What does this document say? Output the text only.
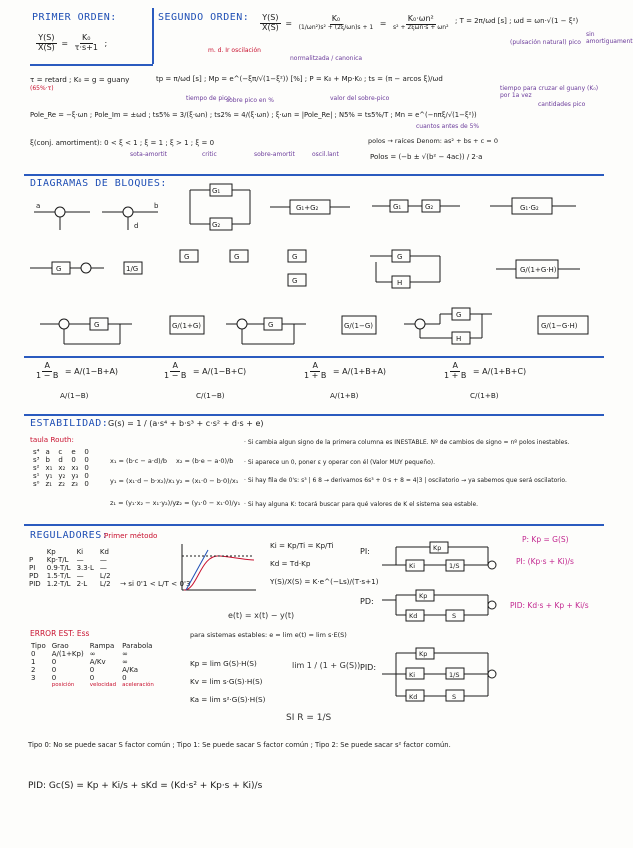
PRIMER ORDEN:
$\frac{Y(S)}{X(S)} = \frac{\text{K₀}}{\tau\cdot s+1}$ ;
SEGUNDO ORDEN: $\frac{Y(S)}{X(S)} = \frac{\text{K₀}}{\text{(1/ωn²)s² + (2ξ/ωn)s + 1}} = \frac{\text{K₀·ωn²}}{\text{s² + 2ξωn·s + ωn²}}$ ; T = 2π/ωd [s] ; ωd = ωn·√(1 − ξ²)
normalitzada / canonica
m. d. Ir oscilación
(pulsación natural) pico
sin amortiguament
τ = retard ; K₀ = g = guany
(65%·τ)
tp = π/ωd [s] ; Mp = e^(−ξπ/√(1−ξ²)) [%] ; P = K₀ + Mp·K₀ ; ts = (π − arcos ξ)/ωd
tiempo de pico
sobre pico en %	valor del sobre-pico
tiempo para cruzar el guany (K₀) por 1a vez
Pole_Re = −ξ·ωn ; Pole_Im = ±ωd ; ts5% = 3/(ξ·ωn) ; ts2% = 4/(ξ·ωn) ; ξ·ωn = |Pole_Re| ; N5% = ts5%/T ; Mn = e^(−nπξ/√(1−ξ²))
cantidades pico
cuantos antes de 5%
ξ(conj. amortiment): 0 < ξ < 1 ; ξ = 1 ; ξ > 1 ; ξ = 0
sota-amortit	critic	sobre-amortit	oscil.lant
polos → raíces Denom: as² + bs + c = 0
Polos = (−b ± √(b² − 4ac)) / 2·a
DIAGRAMAS DE BLOQUES:
G₁
G₂
G₁+G₂	G₁	G₂	G₁·G₂
G	1/G
G	G	G
G
G
H
G/(1+G·H)
G	G/(1+G)	G	G/(1−G)
G
H
G/(1−G·H)
a	b
d
$\frac{A}{1 - B} = A/(1-B+A)$	$\frac{A}{1 - B} = A/(1-B+C)$	$\frac{A}{1 + B} = A/(1+B+A)$	$\frac{A}{1 + B} = A/(1+B+C)$
A/(1−B)	C/(1−B)	A/(1+B)	C/(1+B)
ESTABILIDAD: G(s) = 1 / (a·s⁴ + b·s³ + c·s² + d·s + e)
taula Routh:
s⁴	a	c	e	0
s³	b	d	0	0
s²	x₁	x₂	x₃	0
s¹	y₁	y₂	y₃	0
s⁰	z₁	z₂	z₃	0
x₁ = (b·c − a·d)/b x₂ = (b·e − a·0)/b
y₁ = (x₁·d − b·x₂)/x₁ y₂ = (x₁·0 − b·0)/x₁
z₁ = (y₁·x₂ − x₁·y₂)/y₁
z₂ = (y₁·0 − x₁·0)/y₁
· Si cambia algun signo de la primera columna es INESTABLE. Nº de cambios de signo = nº polos inestables.
· Si aparece un 0, poner ε y operar con él (Valor MUY pequeño).
· Si hay fila de 0's: s³ | 6 8 → derivamos 6s³ + 0·s + 8 = 4|3 | oscilatorio → ya sabemos que será oscilatorio.
· Si hay alguna K: tocará buscar para qué valores de K el sistema sea estable.
REGULADORES:
Primer método
	Kp	Ki	Kd
P	Kp·T/L	—	—
PI	0.9·T/L	3.3·L	—
PD	1.5·T/L	—	L/2
PID	1.2·T/L	2·L	L/2 → si 0'1 < L/T < 0'3
Ki = Kp/Ti = Kp/Ti
Kd = Td·Kp
Y(S)/X(S) = K·e^(−Ls)/(T·s+1)
PI:
PD:
PID:
P: Kp = G(S)
PI: (Kp·s + Ki)/s
PID: Kd·s + Kp + Ki/s
Kp
Ki	1/S
Kp
Kd	S
Kp
Ki	1/S
Kd	S
ERROR EST: Ess
Tipo	Grao	Rampa	Parabola
0	A/(1+Kp)	∞	∞
1	0	A/Kv	∞
2	0	0	A/Ka
3	0	0	0
	posición	velocidad	aceleración
para sistemas estables: e = lim e(t) = lim s·E(S)
e(t) = x(t) − y(t)
Kp = lim G(S)·H(S)
Kv = lim s·G(S)·H(S)
Ka = lim s²·G(S)·H(S)
lim 1 / (1 + G(S))
SI R = 1/S
Tipo 0: No se puede sacar S factor común ; Tipo 1: Se puede sacar S factor común ; Tipo 2: Se puede sacar s² factor común.
PID: Gc(S) = Kp + Ki/s + sKd = (Kd·s² + Kp·s + Ki)/s
